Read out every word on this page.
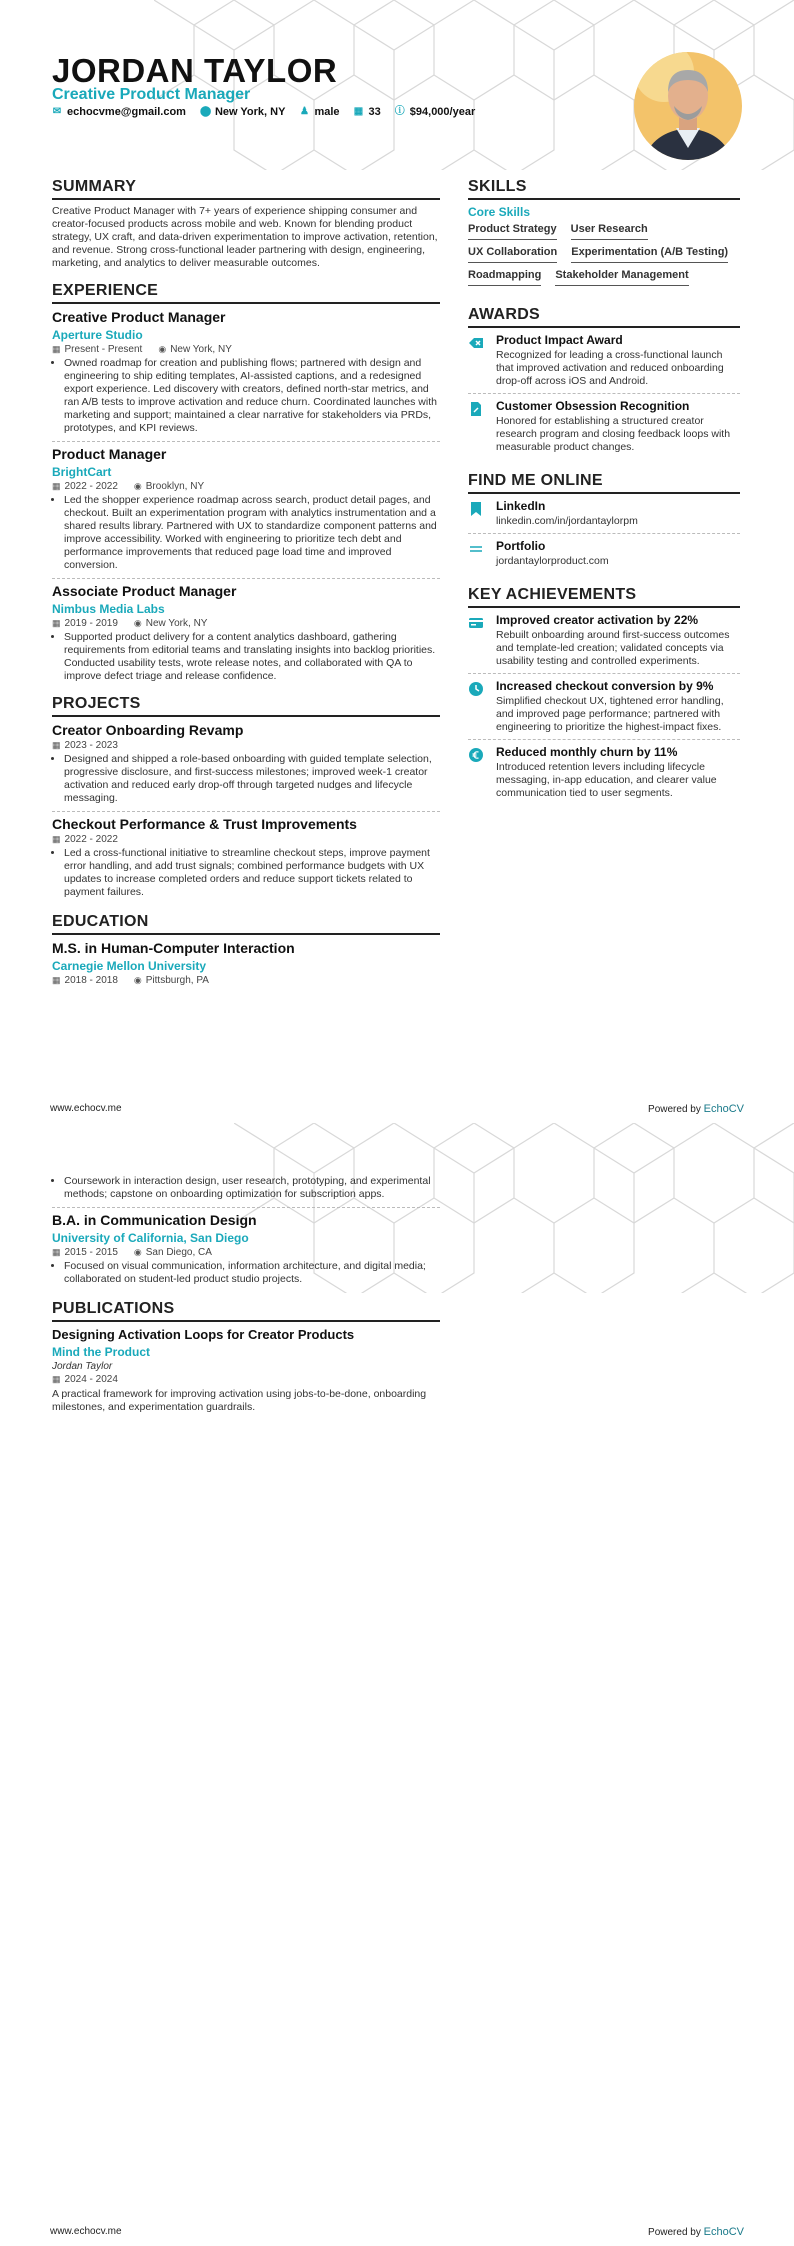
JORDAN TAYLOR
Creative Product Manager
✉ echocvme@gmail.com ⬤ New York, NY ♟ male ▦ 33 ⓘ $94,000/year
SUMMARY
Creative Product Manager with 7+ years of experience shipping consumer and creator-focused products across mobile and web. Known for blending product strategy, UX craft, and data-driven experimentation to improve activation, retention, and revenue. Strong cross-functional leader partnering with design, engineering, marketing, and analytics to deliver measurable outcomes.
EXPERIENCE
Creative Product Manager
Aperture Studio
▦ Present - Present ◉ New York, NY
• Owned roadmap for creation and publishing flows; partnered with design and engineering to ship editing templates, AI-assisted captions, and a redesigned export experience. Led discovery with creators, defined north-star metrics, and ran A/B tests to improve activation and reduce churn. Coordinated launches with marketing and support; maintained a clear narrative for stakeholders via PRDs, prototypes, and KPI reviews.
Product Manager
BrightCart
▦ 2022 - 2022 ◉ Brooklyn, NY
• Led the shopper experience roadmap across search, product detail pages, and checkout. Built an experimentation program with analytics instrumentation and a shared results library. Partnered with UX to standardize component patterns and improve accessibility. Worked with engineering to prioritize tech debt and performance improvements that reduced page load time and improved conversion.
Associate Product Manager
Nimbus Media Labs
▦ 2019 - 2019 ◉ New York, NY
• Supported product delivery for a content analytics dashboard, gathering requirements from editorial teams and translating insights into backlog priorities. Conducted usability tests, wrote release notes, and collaborated with QA to improve defect triage and release confidence.
PROJECTS
Creator Onboarding Revamp
▦ 2023 - 2023
• Designed and shipped a role-based onboarding with guided template selection, progressive disclosure, and first-success milestones; improved week-1 creator activation and reduced early drop-off through targeted nudges and lifecycle messaging.
Checkout Performance & Trust Improvements
▦ 2022 - 2022
• Led a cross-functional initiative to streamline checkout steps, improve payment error handling, and add trust signals; combined performance budgets with UX updates to increase completed orders and reduce support tickets related to payment failures.
EDUCATION
M.S. in Human-Computer Interaction
Carnegie Mellon University
▦ 2018 - 2018 ◉ Pittsburgh, PA
SKILLS
Core Skills
Product Strategy User Research
UX Collaboration Experimentation (A/B Testing)
Roadmapping Stakeholder Management
AWARDS
Product Impact Award
Recognized for leading a cross-functional launch that improved activation and reduced onboarding drop-off across iOS and Android.
Customer Obsession Recognition
Honored for establishing a structured creator research program and closing feedback loops with measurable product changes.
FIND ME ONLINE
LinkedIn
linkedin.com/in/jordantaylorpm
Portfolio
jordantaylorproduct.com
KEY ACHIEVEMENTS
Improved creator activation by 22%
Rebuilt onboarding around first-success outcomes and template-led creation; validated concepts via usability testing and controlled experiments.
Increased checkout conversion by 9%
Simplified checkout UX, tightened error handling, and improved page performance; partnered with engineering to prioritize the highest-impact fixes.
Reduced monthly churn by 11%
Introduced retention levers including lifecycle messaging, in-app education, and clearer value communication tied to user segments.
www.echocv.me	Powered by EchoCV
• Coursework in interaction design, user research, prototyping, and experimental methods; capstone on onboarding optimization for subscription apps.
B.A. in Communication Design
University of California, San Diego
▦ 2015 - 2015 ◉ San Diego, CA
• Focused on visual communication, information architecture, and digital media; collaborated on student-led product studio projects.
PUBLICATIONS
Designing Activation Loops for Creator Products
Mind the Product
Jordan Taylor
▦ 2024 - 2024
A practical framework for improving activation using jobs-to-be-done, onboarding milestones, and experimentation guardrails.
www.echocv.me	Powered by EchoCV
